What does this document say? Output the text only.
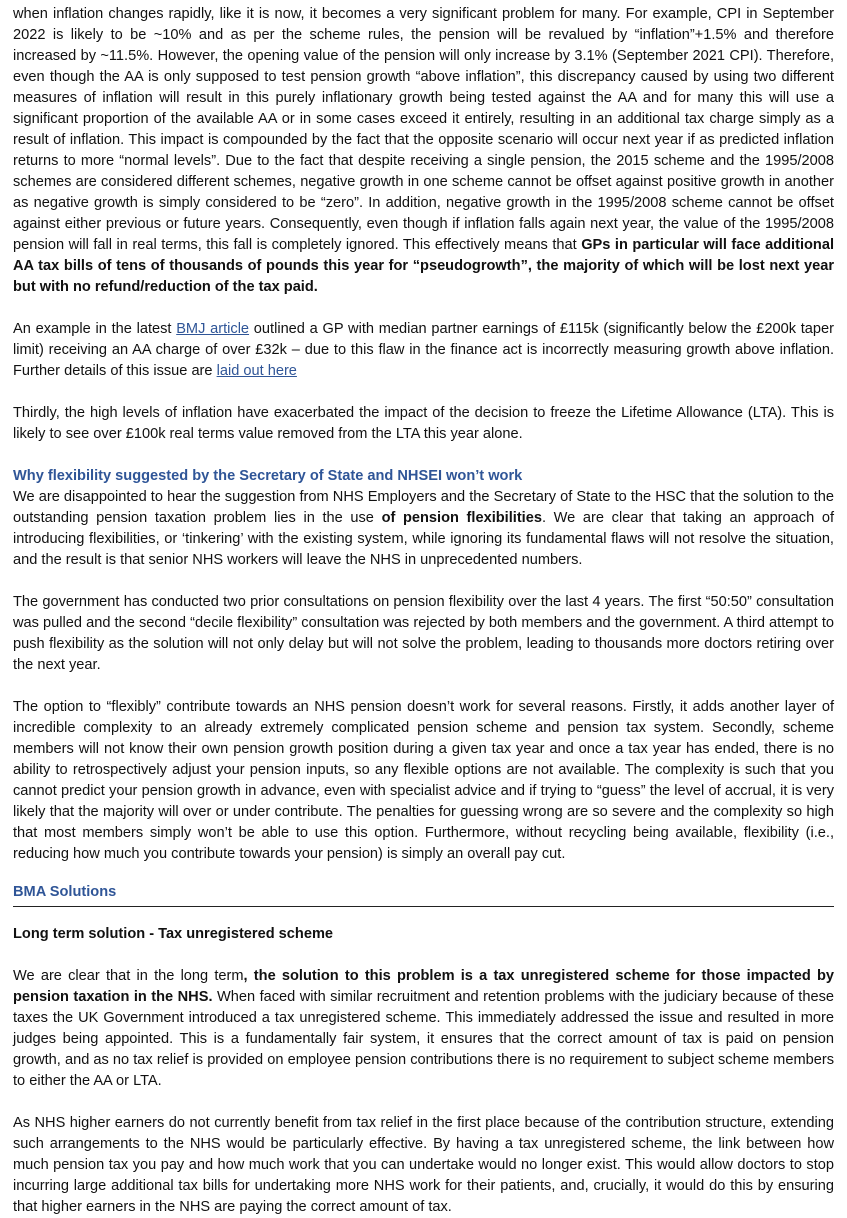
when inflation changes rapidly, like it is now, it becomes a very significant problem for many. For example, CPI in September 2022 is likely to be ~10% and as per the scheme rules, the pension will be revalued by “inflation”+1.5% and therefore increased by ~11.5%. However, the opening value of the pension will only increase by 3.1% (September 2021 CPI). Therefore, even though the AA is only supposed to test pension growth “above inflation”, this discrepancy caused by using two different measures of inflation will result in this purely inflationary growth being tested against the AA and for many this will use a significant proportion of the available AA or in some cases exceed it entirely, resulting in an additional tax charge simply as a result of inflation. This impact is compounded by the fact that the opposite scenario will occur next year if as predicted inflation returns to more “normal levels”. Due to the fact that despite receiving a single pension, the 2015 scheme and the 1995/2008 schemes are considered different schemes, negative growth in one scheme cannot be offset against positive growth in another as negative growth is simply considered to be “zero”. In addition, negative growth in the 1995/2008 scheme cannot be offset against either previous or future years. Consequently, even though if inflation falls again next year, the value of the 1995/2008 pension will fall in real terms, this fall is completely ignored. This effectively means that GPs in particular will face additional AA tax bills of tens of thousands of pounds this year for “pseudogrowth”, the majority of which will be lost next year but with no refund/reduction of the tax paid.

An example in the latest BMJ article outlined a GP with median partner earnings of £115k (significantly below the £200k taper limit) receiving an AA charge of over £32k – due to this flaw in the finance act is incorrectly measuring growth above inflation. Further details of this issue are laid out here

Thirdly, the high levels of inflation have exacerbated the impact of the decision to freeze the Lifetime Allowance (LTA). This is likely to see over £100k real terms value removed from the LTA this year alone.

Why flexibility suggested by the Secretary of State and NHSEI won’t work

We are disappointed to hear the suggestion from NHS Employers and the Secretary of State to the HSC that the solution to the outstanding pension taxation problem lies in the use of pension flexibilities. We are clear that taking an approach of introducing flexibilities, or ‘tinkering’ with the existing system, while ignoring its fundamental flaws will not resolve the situation, and the result is that senior NHS workers will leave the NHS in unprecedented numbers.

The government has conducted two prior consultations on pension flexibility over the last 4 years. The first “50:50” consultation was pulled and the second “decile flexibility” consultation was rejected by both members and the government. A third attempt to push flexibility as the solution will not only delay but will not solve the problem, leading to thousands more doctors retiring over the next year.

The option to “flexibly” contribute towards an NHS pension doesn’t work for several reasons. Firstly, it adds another layer of incredible complexity to an already extremely complicated pension scheme and pension tax system. Secondly, scheme members will not know their own pension growth position during a given tax year and once a tax year has ended, there is no ability to retrospectively adjust your pension inputs, so any flexible options are not available. The complexity is such that you cannot predict your pension growth in advance, even with specialist advice and if trying to “guess” the level of accrual, it is very likely that the majority will over or under contribute. The penalties for guessing wrong are so severe and the complexity so high that most members simply won’t be able to use this option. Furthermore, without recycling being available, flexibility (i.e., reducing how much you contribute towards your pension) is simply an overall pay cut.

BMA Solutions
Long term solution - Tax unregistered scheme

We are clear that in the long term, the solution to this problem is a tax unregistered scheme for those impacted by pension taxation in the NHS. When faced with similar recruitment and retention problems with the judiciary because of these taxes the UK Government introduced a tax unregistered scheme. This immediately addressed the issue and resulted in more judges being appointed. This is a fundamentally fair system, it ensures that the correct amount of tax is paid on pension growth, and as no tax relief is provided on employee pension contributions there is no requirement to subject scheme members to either the AA or LTA.

As NHS higher earners do not currently benefit from tax relief in the first place because of the contribution structure, extending such arrangements to the NHS would be particularly effective. By having a tax unregistered scheme, the link between how much pension tax you pay and how much work that you can undertake would no longer exist. This would allow doctors to stop incurring large additional tax bills for undertaking more NHS work for their patients, and, crucially, it would do this by ensuring that higher earners in the NHS are paying the correct amount of tax.
